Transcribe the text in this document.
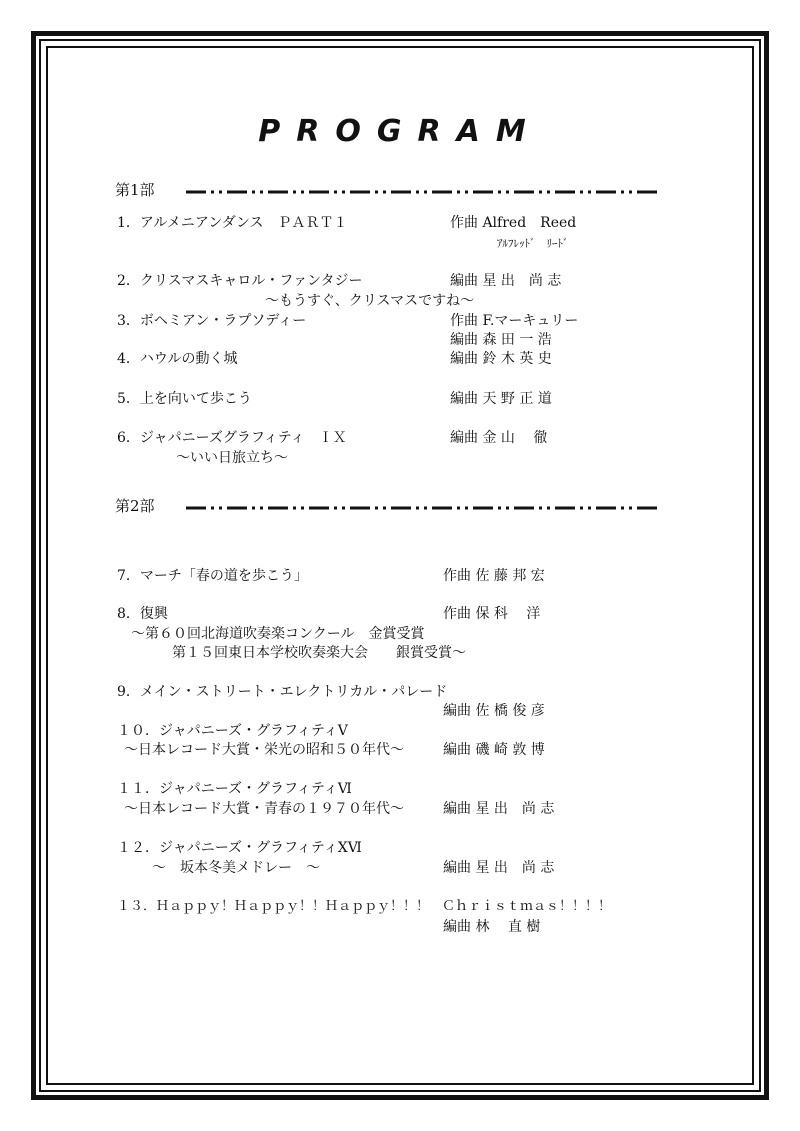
PROGRAM
第1部
1．アルメニアンダンス　ＰＡＲＴ１	作曲 Alfred　Reed
ｱﾙﾌﾚｯﾄﾞ　ﾘｰﾄﾞ
2．クリスマスキャロル・ファンタジー	編曲 星 出　尚 志
〜もうすぐ、クリスマスですね〜
3．ボヘミアン・ラプソディー	作曲 F.マーキュリー
編曲 森 田 一 浩
4．ハウルの動く城	編曲 鈴 木 英 史
5．上を向いて歩こう	編曲 天 野 正 道
6．ジャパニーズグラフィティ　ＩＸ	編曲 金 山　 徹
〜いい日旅立ち〜
第2部
7．マーチ「春の道を歩こう」	作曲 佐 藤 邦 宏
8．復興	作曲 保 科　 洋
〜第６０回北海道吹奏楽コンクール　金賞受賞
第１５回東日本学校吹奏楽大会　　銀賞受賞〜
9．メイン・ストリート・エレクトリカル・パレード
編曲 佐 橋 俊 彦
１０．ジャパニーズ・グラフィティⅤ
〜日本レコード大賞・栄光の昭和５０年代〜	編曲 磯 崎 敦 博
１１．ジャパニーズ・グラフィティⅥ
〜日本レコード大賞・青春の１９７０年代〜	編曲 星 出　尚 志
１２．ジャパニーズ・グラフィティXⅥ
〜　坂本冬美メドレー　〜	編曲 星 出　尚 志
１３．Ｈａｐｐｙ！Ｈａｐｐｙ！！Ｈａｐｐｙ！！！　Ｃｈｒｉｓｔｍａｓ！！！！
編曲 林　 直 樹
